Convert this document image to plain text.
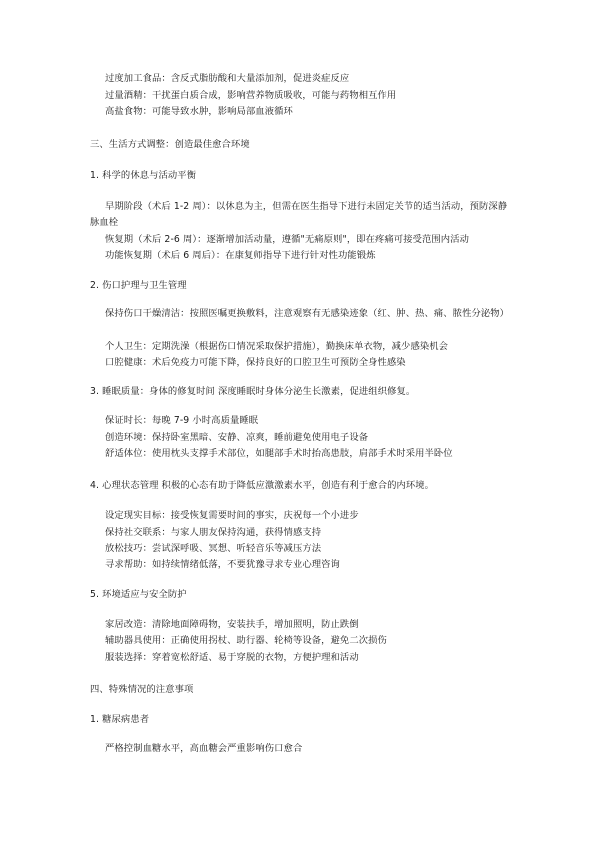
过度加工食品：含反式脂肪酸和大量添加剂，促进炎症反应
过量酒精：干扰蛋白质合成，影响营养物质吸收，可能与药物相互作用
高盐食物：可能导致水肿，影响局部血液循环
三、生活方式调整：创造最佳愈合环境
1. 科学的休息与活动平衡
早期阶段（术后 1-2 周）：以休息为主，但需在医生指导下进行未固定关节的适当活动，预防深静脉血栓
恢复期（术后 2-6 周）：逐渐增加活动量，遵循"无痛原则"，即在疼痛可接受范围内活动
功能恢复期（术后 6 周后）：在康复师指导下进行针对性功能锻炼
2. 伤口护理与卫生管理
保持伤口干燥清洁：按照医嘱更换敷料，注意观察有无感染迹象（红、肿、热、痛、脓性分泌物）
个人卫生：定期洗澡（根据伤口情况采取保护措施），勤换床单衣物，减少感染机会
口腔健康：术后免疫力可能下降，保持良好的口腔卫生可预防全身性感染
3. 睡眠质量：身体的修复时间 深度睡眠时身体分泌生长激素，促进组织修复。
保证时长：每晚 7-9 小时高质量睡眠
创造环境：保持卧室黑暗、安静、凉爽，睡前避免使用电子设备
舒适体位：使用枕头支撑手术部位，如腿部手术时抬高患肢，肩部手术时采用半卧位
4. 心理状态管理 积极的心态有助于降低应激激素水平，创造有利于愈合的内环境。
设定现实目标：接受恢复需要时间的事实，庆祝每一个小进步
保持社交联系：与家人朋友保持沟通，获得情感支持
放松技巧：尝试深呼吸、冥想、听轻音乐等减压方法
寻求帮助：如持续情绪低落，不要犹豫寻求专业心理咨询
5. 环境适应与安全防护
家居改造：清除地面障碍物，安装扶手，增加照明，防止跌倒
辅助器具使用：正确使用拐杖、助行器、轮椅等设备，避免二次损伤
服装选择：穿着宽松舒适、易于穿脱的衣物，方便护理和活动
四、特殊情况的注意事项
1. 糖尿病患者
严格控制血糖水平，高血糖会严重影响伤口愈合
